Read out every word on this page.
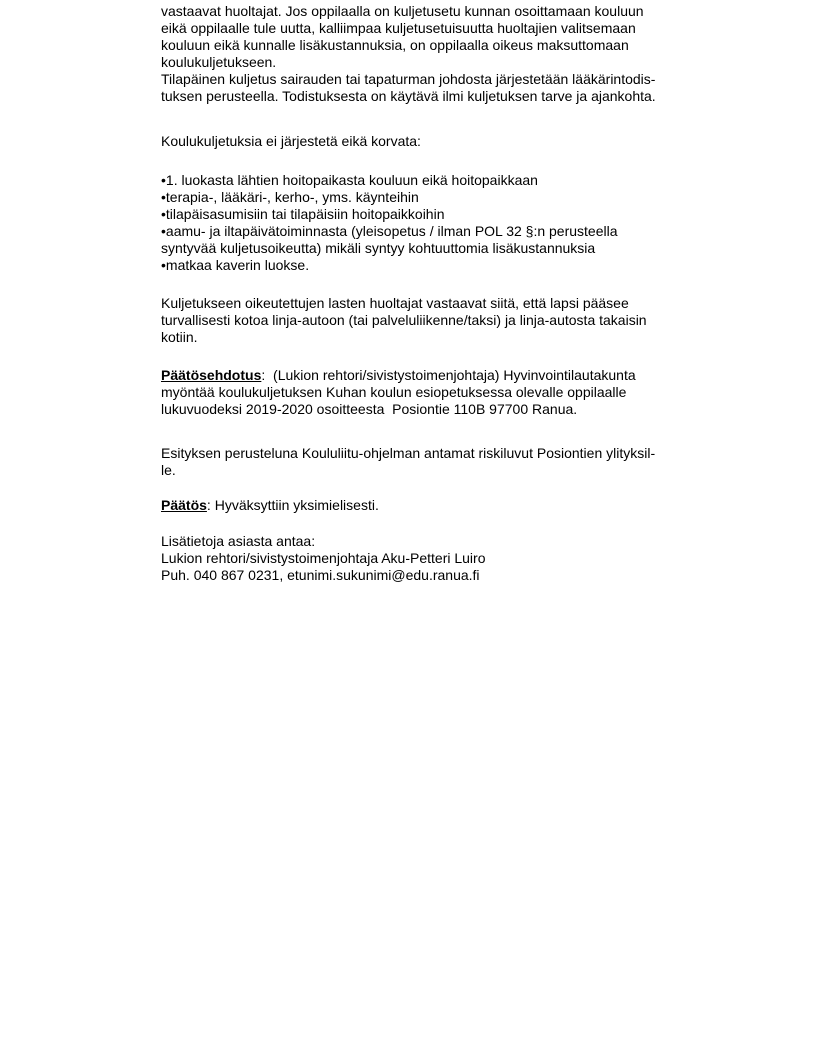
vastaavat huoltajat. Jos oppilaalla on kuljetusetu kunnan osoittamaan kouluun
eikä oppilaalle tule uutta, kalliimpaa kuljetusetuisuutta huoltajien valitsemaan
kouluun eikä kunnalle lisäkustannuksia, on oppilaalla oikeus maksuttomaan
koulukuljetukseen.
Tilapäinen kuljetus sairauden tai tapaturman johdosta järjestetään lääkärintodis-
tuksen perusteella. Todistuksesta on käytävä ilmi kuljetuksen tarve ja ajankohta.
Koulukuljetuksia ei järjestetä eikä korvata:
•1. luokasta lähtien hoitopaikasta kouluun eikä hoitopaikkaan
•terapia-, lääkäri-, kerho-, yms. käynteihin
•tilapäisasumisiin tai tilapäisiin hoitopaikkoihin
•aamu- ja iltapäivätoiminnasta (yleisopetus / ilman POL 32 §:n perusteella
syntyvää kuljetusoikeutta) mikäli syntyy kohtuuttomia lisäkustannuksia
•matkaa kaverin luokse.
Kuljetukseen oikeutettujen lasten huoltajat vastaavat siitä, että lapsi pääsee
turvallisesti kotoa linja-autoon (tai palveluliikenne/taksi) ja linja-autosta takaisin
kotiin.
Päätösehdotus:  (Lukion rehtori/sivistystoimenjohtaja) Hyvinvointilautakunta
myöntää koulukuljetuksen Kuhan koulun esiopetuksessa olevalle oppilaalle
lukuvuodeksi 2019-2020 osoitteesta  Posiontie 110B 97700 Ranua.
Esityksen perusteluna Koululiitu-ohjelman antamat riskiluvut Posiontien ylityksil-
le.
Päätös: Hyväksyttiin yksimielisesti.
Lisätietoja asiasta antaa:
Lukion rehtori/sivistystoimenjohtaja Aku-Petteri Luiro
Puh. 040 867 0231, etunimi.sukunimi@edu.ranua.fi
